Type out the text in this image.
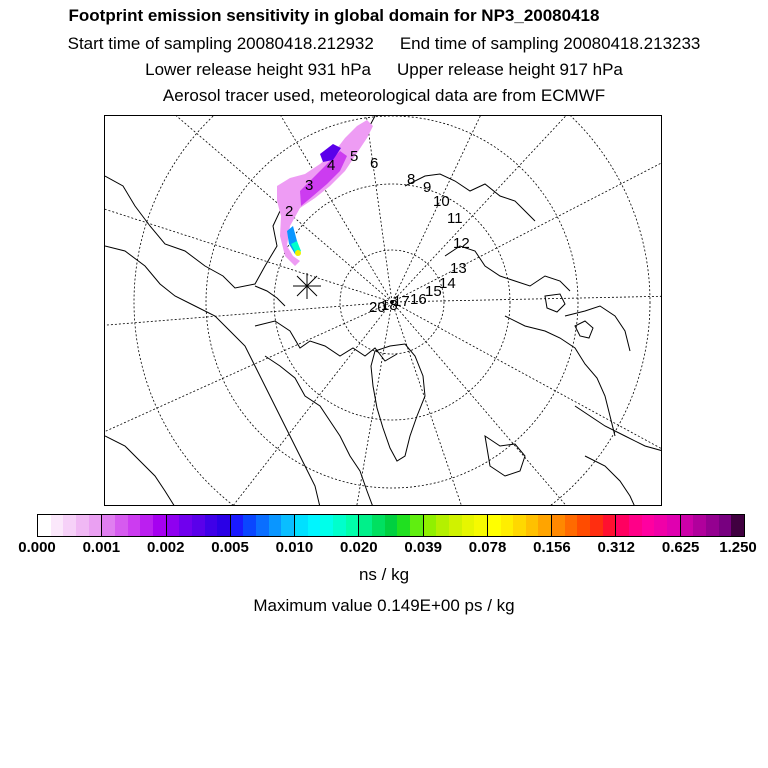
Footprint emission sensitivity in global domain for NP3_20080418
Start time of sampling 20080418.212932 End time of sampling 20080418.213233
Lower release height 931 hPa Upper release height 917 hPa
Aerosol tracer used, meteorological data are from ECMWF
2
3
4
5 6
8 9
10
11
12
13
14
15
16
17
18
20
0.000 0.001 0.002 0.005 0.010 0.020 0.039 0.078 0.156 0.312 0.625 1.250
ns / kg
Maximum value 0.149E+00 ps / kg
